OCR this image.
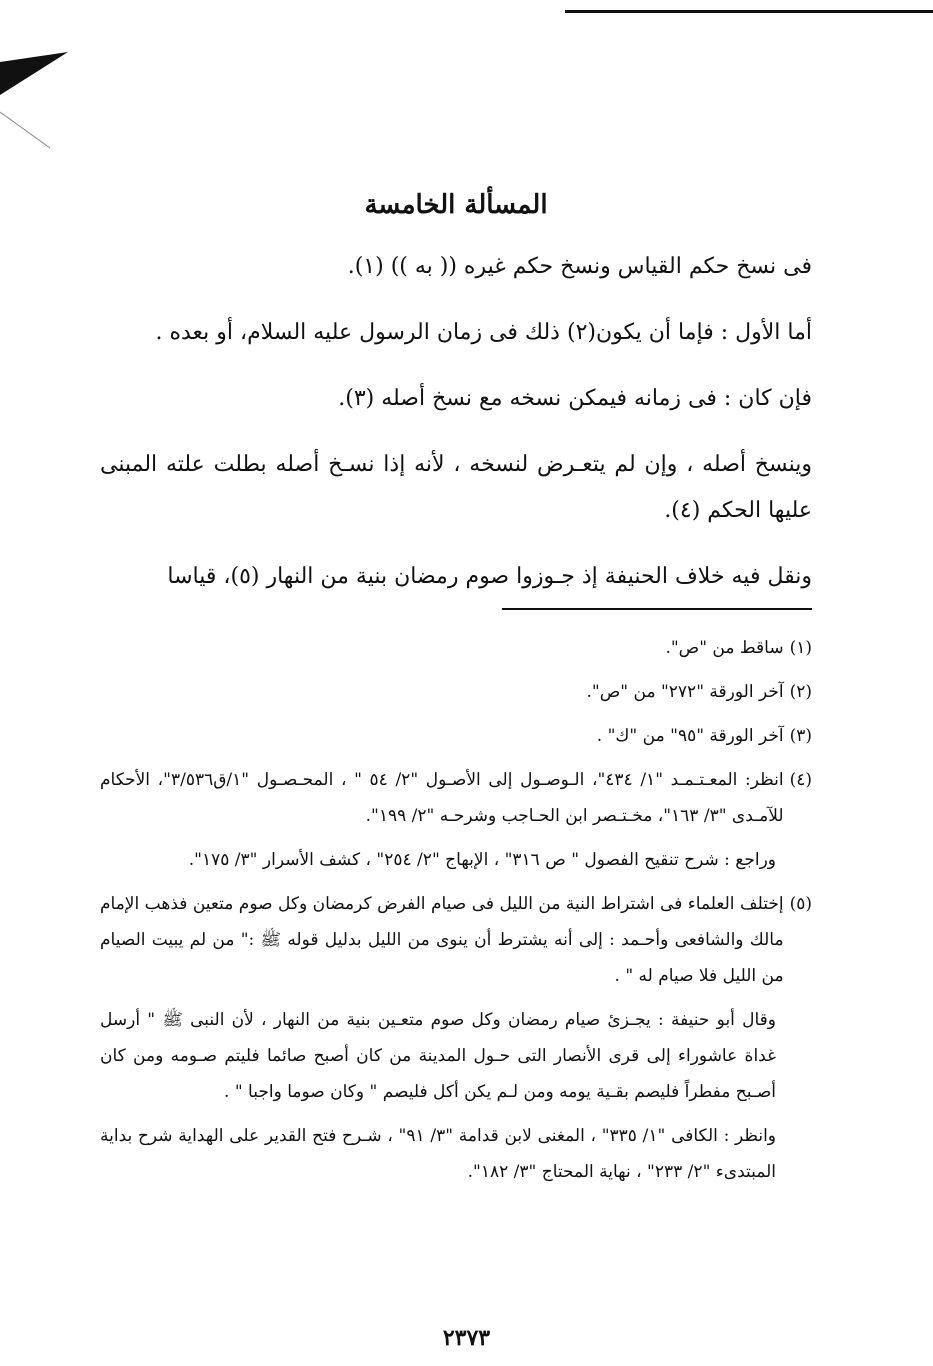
المسألة الخامسة

فى نسخ حكم القياس ونسخ حكم غيره (( به )) (١).

أما الأول : فإما أن يكون(٢) ذلك فى زمان الرسول عليه السلام، أو بعده .

فإن كان : فى زمانه فيمكن نسخه مع نسخ أصله (٣).

وينسخ أصله ، وإن لم يتعـرض لنسخه ، لأنه إذا نسـخ أصله بطلت علته المبنى عليها الحكم (٤).

ونقل فيه خلاف الحنيفة إذ جـوزوا صوم رمضان بنية من النهار (٥)، قياسا

(١)
ساقط من "ص".
(٢)
آخر الورقة "٢٧٢" من "ص".
(٣)
آخر الورقة "٩٥" من "ك" .
(٤)
انظر: المعـتـمـد "١/ ٤٣٤"، الـوصـول إلى الأصـول "٢/ ٥٤ " ، المحـصـول "١/ق٣/٥٣٦"، الأحكام للآمـدى "٣/ ١٦٣"، مخـتـصر ابن الحـاجب وشرحـه "٢/ ١٩٩".
وراجع : شرح تنقيح الفصول " ص ٣١٦" ، الإبهاج "٢/ ٢٥٤" ، كشف الأسرار "٣/ ١٧٥".
(٥)
إختلف العلماء فى اشتراط النية من الليل فى صيام الفرض كرمضان وكل صوم متعين فذهب الإمام مالك والشافعى وأحـمد : إلى أنه يشترط أن ينوى من الليل بدليل قوله ﷺ :" من لم يبيت الصيام من الليل فلا صيام له " .
وقال أبو حنيفة : يجـزئ صيام رمضان وكل صوم متعـين بنية من النهار ، لأن النبى ﷺ " أرسل غداة عاشوراء إلى قرى الأنصار التى حـول المدينة من كان أصبح صائما فليتم صـومه ومن كان أصـبح مفطراً فليصم بقـية يومه ومن لـم يكن أكل فليصم " وكان صوما واجبا " .
وانظر : الكافى "١/ ٣٣٥" ، المغنى لابن قدامة "٣/ ٩١" ، شـرح فتح القدير على الهداية شرح بداية المبتدىء "٢/ ٢٣٣" ، نهاية المحتاج "٣/ ١٨٢".
٢٣٧٣
